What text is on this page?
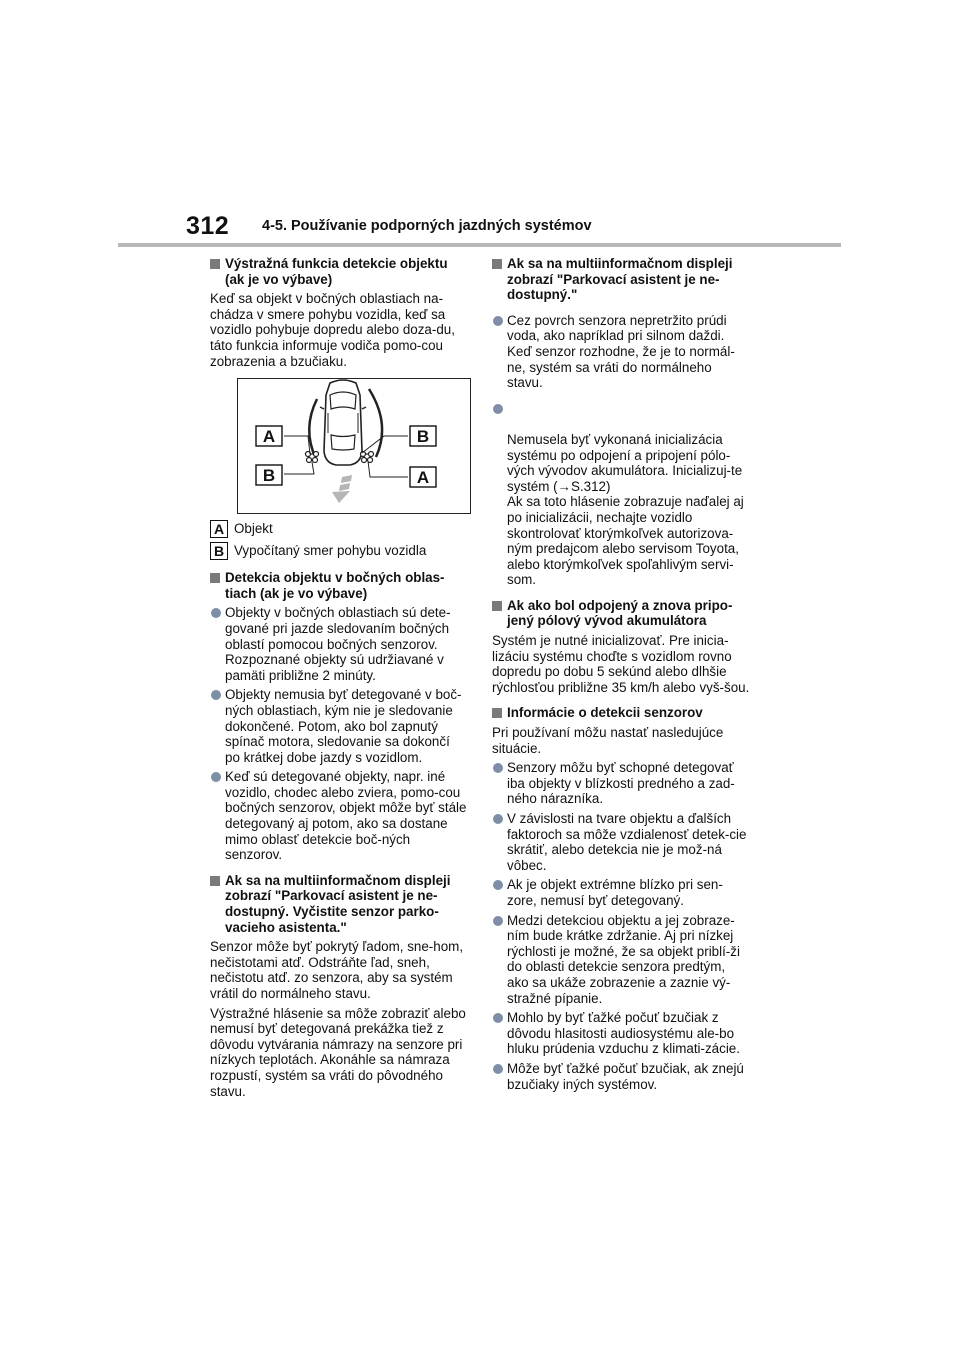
312 4-5. Používanie podporných jazdných systémov
Výstražná funkcia detekcie objektu (ak je vo výbave)
Keď sa objekt v bočných oblastiach na-chádza v smere pohybu vozidla, keď sa vozidlo pohybuje dopredu alebo doza-du, táto funkcia informuje vodiča pomo-cou zobrazenia a bzučiaku.
A
B
B
A
A Objekt
B Vypočítaný smer pohybu vozidla
Detekcia objektu v bočných oblas-tiach (ak je vo výbave)
Objekty v bočných oblastiach sú dete-gované pri jazde sledovaním bočných oblastí pomocou bočných senzorov. Rozpoznané objekty sú udržiavané v pamäti približne 2 minúty.
Objekty nemusia byť detegované v boč-ných oblastiach, kým nie je sledovanie dokončené. Potom, ako bol zapnutý spínač motora, sledovanie sa dokončí po krátkej dobe jazdy s vozidlom.
Keď sú detegované objekty, napr. iné vozidlo, chodec alebo zviera, pomo-cou bočných senzorov, objekt môže byť stále detegovaný aj potom, ako sa dostane mimo oblasť detekcie boč-ných senzorov.
Ak sa na multiinformačnom displeji zobrazí "Parkovací asistent je ne-dostupný. Vyčistite senzor parko-vacieho asistenta."
Senzor môže byť pokrytý ľadom, sne-hom, nečistotami atď. Odstráňte ľad, sneh, nečistotu atď. zo senzora, aby sa systém vrátil do normálneho stavu.
Výstražné hlásenie sa môže zobraziť alebo nemusí byť detegovaná prekážka tiež z dôvodu vytvárania námrazy na senzore pri nízkych teplotách. Akonáhle sa námraza rozpustí, systém sa vráti do pôvodného stavu.
Ak sa na multiinformačnom displeji zobrazí "Parkovací asistent je ne-dostupný."
Cez povrch senzora nepretržito prúdi voda, ako napríklad pri silnom daždi. Keď senzor rozhodne, že je to normál-ne, systém sa vráti do normálneho stavu.

Nemusela byť vykonaná inicializácia systému po odpojení a pripojení pólo-vých vývodov akumulátora. Inicializuj-te systém (→S.312)
Ak sa toto hlásenie zobrazuje naďalej aj po inicializácii, nechajte vozidlo skontrolovať ktorýmkoľvek autorizova-ným predajcom alebo servisom Toyota, alebo ktorýmkoľvek spoľahlivým servi-som.

Ak ako bol odpojený a znova pripo-jený pólový vývod akumulátora
Systém je nutné inicializovať. Pre inicia-lizáciu systému choďte s vozidlom rovno dopredu po dobu 5 sekúnd alebo dlhšie rýchlosťou približne 35 km/h alebo vyš-šou.
Informácie o detekcii senzorov
Pri používaní môžu nastať nasledujúce situácie.
Senzory môžu byť schopné detegovať iba objekty v blízkosti predného a zad-ného nárazníka.
V závislosti na tvare objektu a ďalších faktoroch sa môže vzdialenosť detek-cie skrátiť, alebo detekcia nie je mož-ná vôbec.
Ak je objekt extrémne blízko pri sen-zore, nemusí byť detegovaný.
Medzi detekciou objektu a jej zobraze-ním bude krátke zdržanie. Aj pri nízkej rýchlosti je možné, že sa objekt priblí-ži do oblasti detekcie senzora predtým, ako sa ukáže zobrazenie a zaznie vý-stražné pípanie.
Mohlo by byť ťažké počuť bzučiak z dôvodu hlasitosti audiosystému ale-bo hluku prúdenia vzduchu z klimati-zácie.
Môže byť ťažké počuť bzučiak, ak znejú bzučiaky iných systémov.
